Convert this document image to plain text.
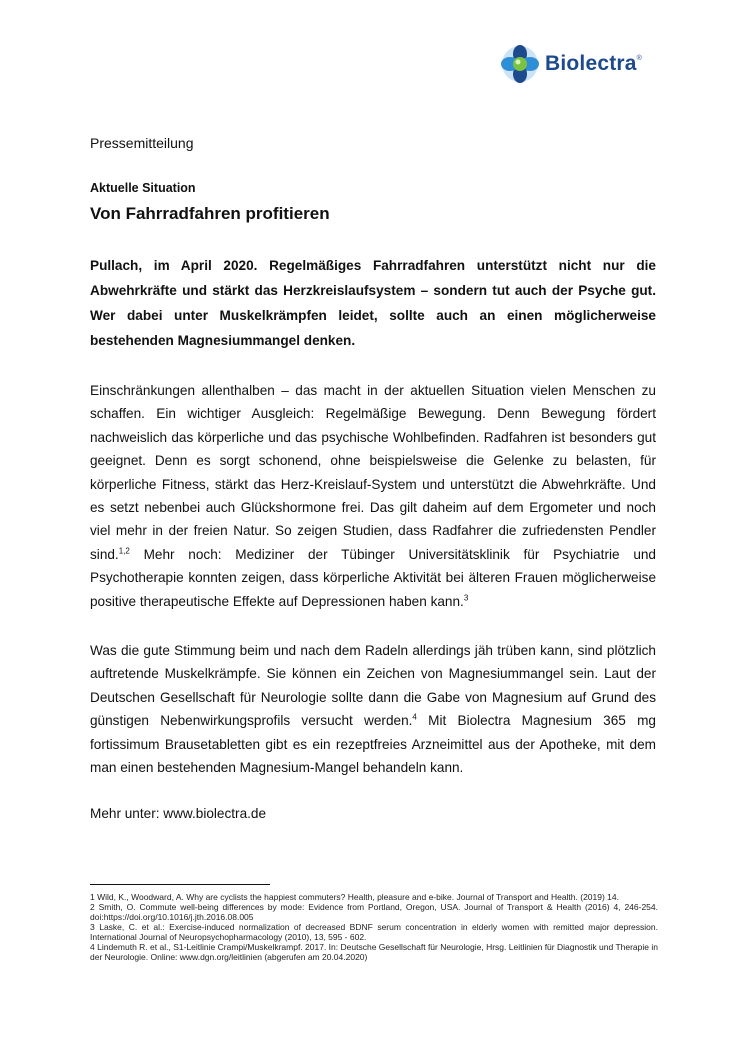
Biolectra ®

Pressemitteilung

Aktuelle Situation

Von Fahrradfahren profitieren

Pullach, im April 2020. Regelmäßiges Fahrradfahren unterstützt nicht nur die Abwehrkräfte und stärkt das Herzkreislaufsystem – sondern tut auch der Psyche gut. Wer dabei unter Muskelkrämpfen leidet, sollte auch an einen möglicherweise bestehenden Magnesiummangel denken.

Einschränkungen allenthalben – das macht in der aktuellen Situation vielen Menschen zu schaffen. Ein wichtiger Ausgleich: Regelmäßige Bewegung. Denn Bewegung fördert nachweislich das körperliche und das psychische Wohlbefinden. Radfahren ist besonders gut geeignet. Denn es sorgt schonend, ohne beispielsweise die Gelenke zu belasten, für körperliche Fitness, stärkt das Herz-Kreislauf-System und unterstützt die Abwehrkräfte. Und es setzt nebenbei auch Glückshormone frei. Das gilt daheim auf dem Ergometer und noch viel mehr in der freien Natur. So zeigen Studien, dass Radfahrer die zufriedensten Pendler sind.$^{1,2}$ Mehr noch: Mediziner der Tübinger Universitätsklinik für Psychiatrie und Psychotherapie konnten zeigen, dass körperliche Aktivität bei älteren Frauen möglicherweise positive therapeutische Effekte auf Depressionen haben kann.$^3$

Was die gute Stimmung beim und nach dem Radeln allerdings jäh trüben kann, sind plötzlich auftretende Muskelkrämpfe. Sie können ein Zeichen von Magnesiummangel sein. Laut der Deutschen Gesellschaft für Neurologie sollte dann die Gabe von Magnesium auf Grund des günstigen Nebenwirkungsprofils versucht werden.$^4$ Mit Biolectra Magnesium 365 mg fortissimum Brausetabletten gibt es ein rezeptfreies Arzneimittel aus der Apotheke, mit dem man einen bestehenden Magnesium-Mangel behandeln kann.

Mehr unter: www.biolectra.de

1 Wild, K., Woodward, A. Why are cyclists the happiest commuters? Health, pleasure and e-bike. Journal of Transport and Health. (2019) 14.

2 Smith, O. Commute well-being differences by mode: Evidence from Portland, Oregon, USA. Journal of Transport & Health (2016) 4, 246-254. doi:https://doi.org/10.1016/j.jth.2016.08.005

3 Laske, C. et al.: Exercise-induced normalization of decreased BDNF serum concentration in elderly women with remitted major depression. International Journal of Neuropsychopharmacology (2010), 13, 595 - 602.

4 Lindemuth R. et al., S1-Leitlinie Crampi/Muskelkrampf. 2017. In: Deutsche Gesellschaft für Neurologie, Hrsg. Leitlinien für Diagnostik und Therapie in der Neurologie. Online: www.dgn.org/leitlinien (abgerufen am 20.04.2020)
